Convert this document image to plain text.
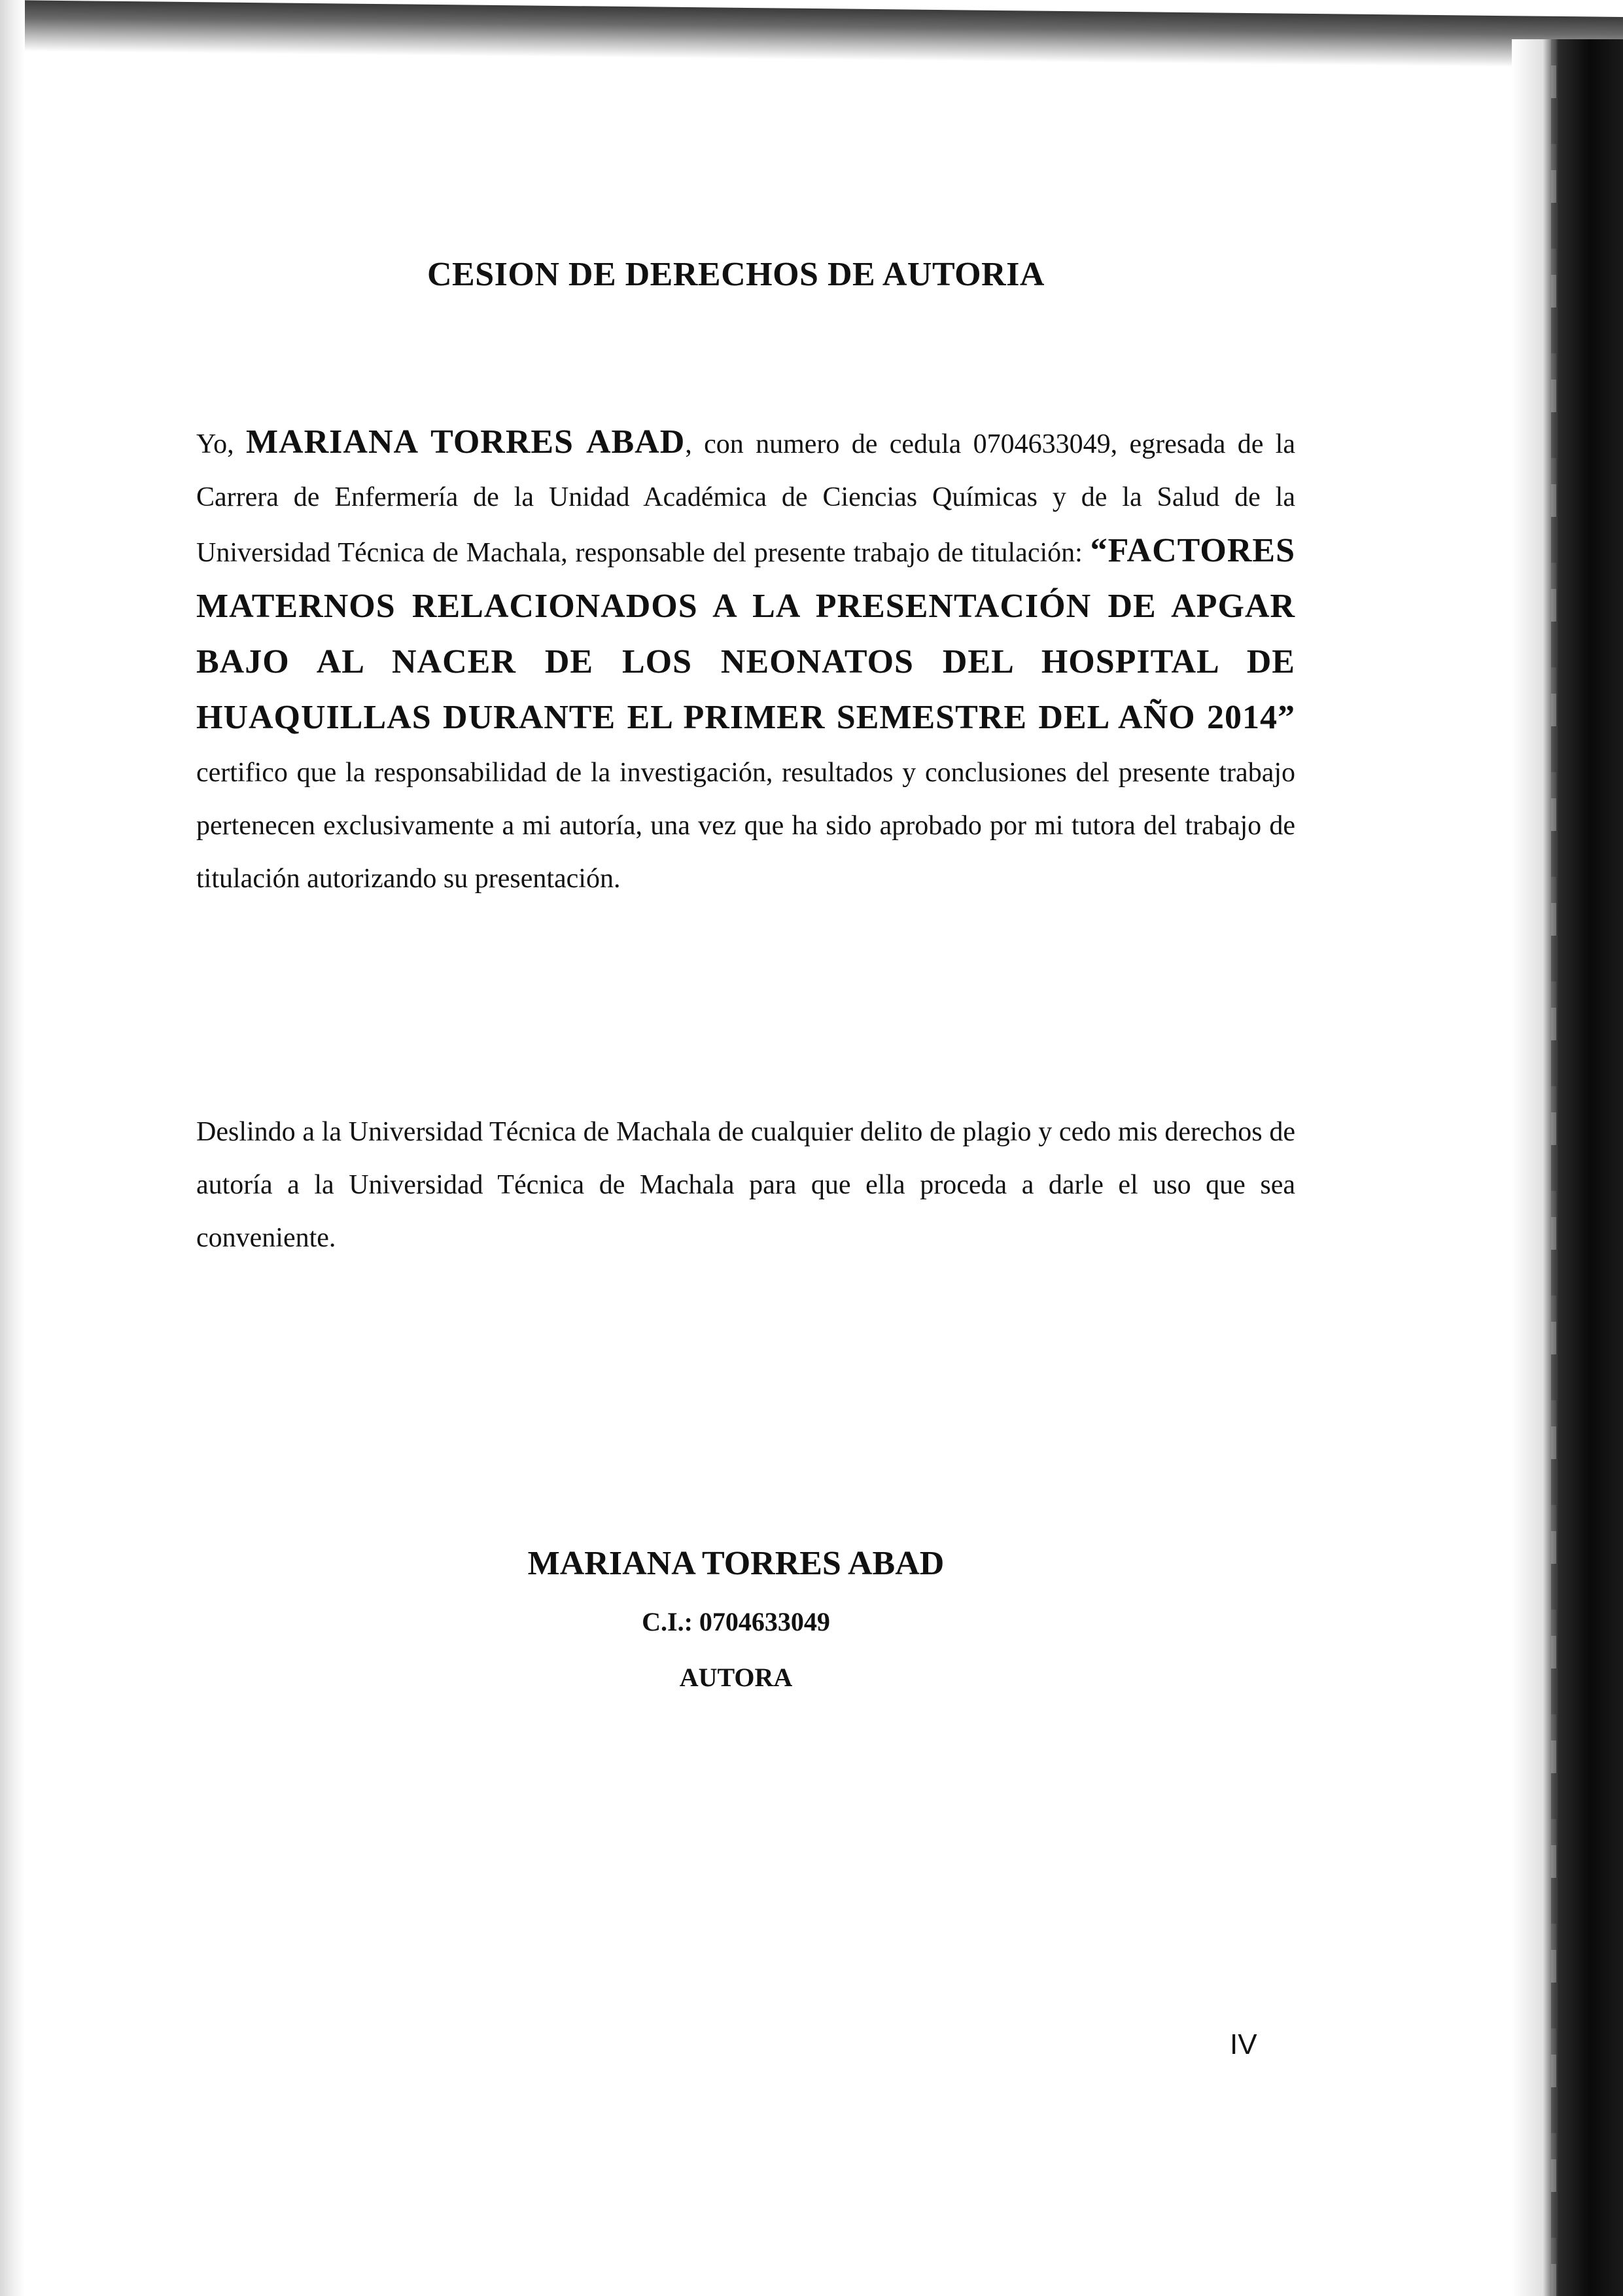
CESION DE DERECHOS DE AUTORIA
Yo, MARIANA TORRES ABAD, con numero de cedula 0704633049, egresada de la Carrera de Enfermería de la Unidad Académica de Ciencias Químicas y de la Salud de la Universidad Técnica de Machala, responsable del presente trabajo de titulación: “FACTORES MATERNOS RELACIONADOS A LA PRESENTACIÓN DE APGAR BAJO AL NACER DE LOS NEONATOS DEL HOSPITAL DE HUAQUILLAS DURANTE EL PRIMER SEMESTRE DEL AÑO 2014” certifico que la responsabilidad de la investigación, resultados y conclusiones del presente trabajo pertenecen exclusivamente a mi autoría, una vez que ha sido aprobado por mi tutora del trabajo de titulación autorizando su presentación.
Deslindo a la Universidad Técnica de Machala de cualquier delito de plagio y cedo mis derechos de autoría a la Universidad Técnica de Machala para que ella proceda a darle el uso que sea conveniente.
MARIANA TORRES ABAD
C.I.: 0704633049
AUTORA
IV
